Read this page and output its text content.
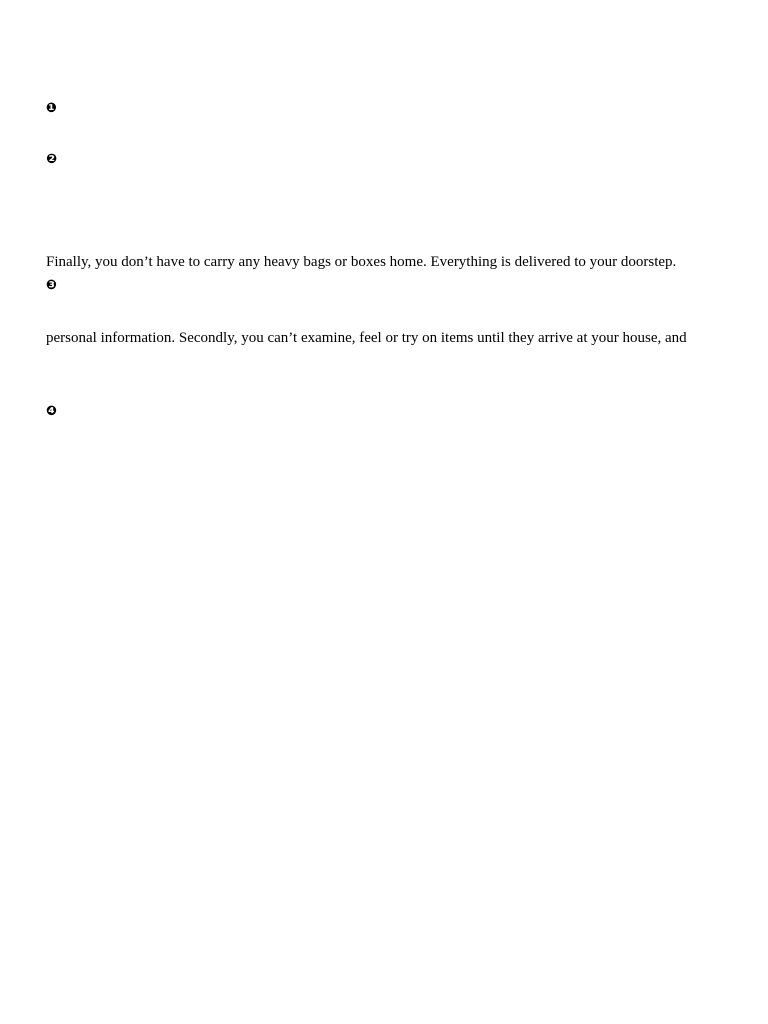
❶
❷
Finally, you don’t have to carry any heavy bags or boxes home. Everything is delivered to your doorstep.
❸
personal information. Secondly, you can’t examine, feel or try on items until they arrive at your house, and
❹
